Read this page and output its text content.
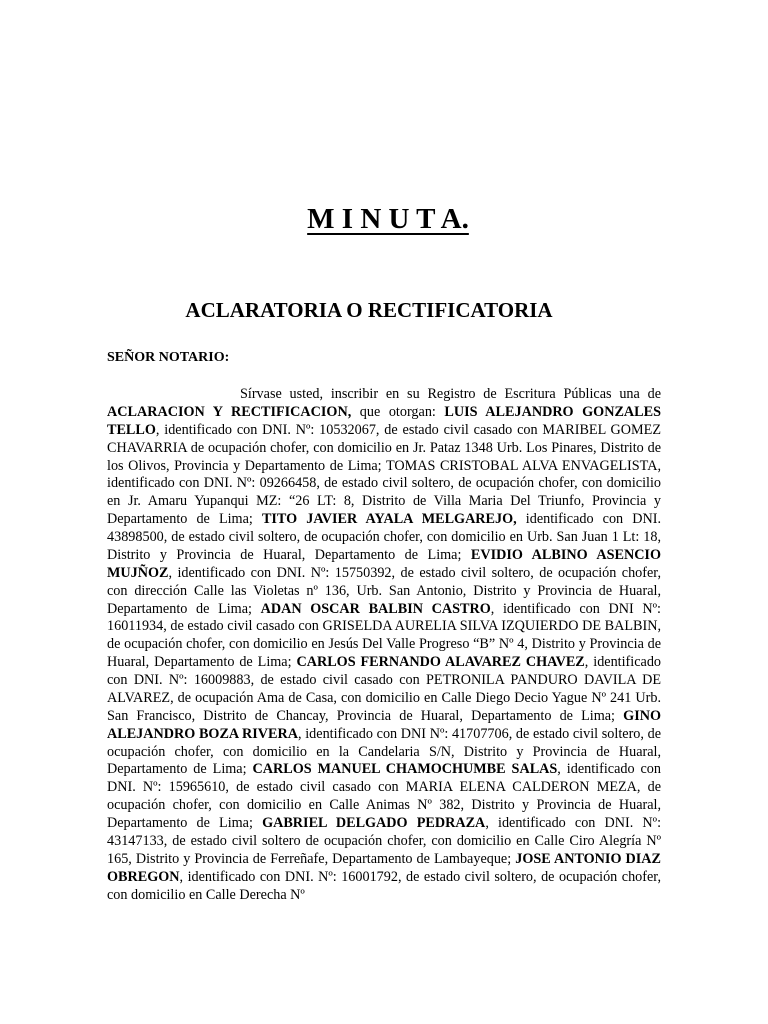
M I N U T A.
ACLARATORIA O RECTIFICATORIA

SEÑOR NOTARIO:

Sírvase usted, inscribir en su Registro de Escritura Públicas una de ACLARACION Y RECTIFICACION, que otorgan: LUIS ALEJANDRO GONZALES TELLO, identificado con DNI. Nº: 10532067, de estado civil casado con MARIBEL GOMEZ CHAVARRIA de ocupación chofer, con domicilio en Jr. Pataz 1348 Urb. Los Pinares, Distrito de los Olivos, Provincia y Departamento de Lima; TOMAS CRISTOBAL ALVA ENVAGELISTA, identificado con DNI. Nº: 09266458, de estado civil soltero, de ocupación chofer, con domicilio en Jr. Amaru Yupanqui MZ: “26 LT: 8, Distrito de Villa Maria Del Triunfo, Provincia y Departamento de Lima; TITO JAVIER AYALA MELGAREJO, identificado con DNI. 43898500, de estado civil soltero, de ocupación chofer, con domicilio en Urb. San Juan 1 Lt: 18, Distrito y Provincia de Huaral, Departamento de Lima; EVIDIO ALBINO ASENCIO MUJÑOZ, identificado con DNI. Nº: 15750392, de estado civil soltero, de ocupación chofer, con dirección Calle las Violetas nº 136, Urb. San Antonio, Distrito y Provincia de Huaral, Departamento de Lima; ADAN OSCAR BALBIN CASTRO, identificado con DNI Nº: 16011934, de estado civil casado con GRISELDA AURELIA SILVA IZQUIERDO DE BALBIN, de ocupación chofer, con domicilio en Jesús Del Valle Progreso “B” Nº 4, Distrito y Provincia de Huaral, Departamento de Lima; CARLOS FERNANDO ALAVAREZ CHAVEZ, identificado con DNI. Nº: 16009883, de estado civil casado con PETRONILA PANDURO DAVILA DE ALVAREZ, de ocupación Ama de Casa, con domicilio en Calle Diego Decio Yague Nº 241 Urb. San Francisco, Distrito de Chancay, Provincia de Huaral, Departamento de Lima; GINO ALEJANDRO BOZA RIVERA, identificado con DNI Nº: 41707706, de estado civil soltero, de ocupación chofer, con domicilio en la Candelaria S/N, Distrito y Provincia de Huaral, Departamento de Lima; CARLOS MANUEL CHAMOCHUMBE SALAS, identificado con DNI. Nº: 15965610, de estado civil casado con MARIA ELENA CALDERON MEZA, de ocupación chofer, con domicilio en Calle Animas Nº 382, Distrito y Provincia de Huaral, Departamento de Lima; GABRIEL DELGADO PEDRAZA, identificado con DNI. Nº: 43147133, de estado civil soltero de ocupación chofer, con domicilio en Calle Ciro Alegría Nº 165, Distrito y Provincia de Ferreñafe, Departamento de Lambayeque; JOSE ANTONIO DIAZ OBREGON, identificado con DNI. Nº: 16001792, de estado civil soltero, de ocupación chofer, con domicilio en Calle Derecha Nº
